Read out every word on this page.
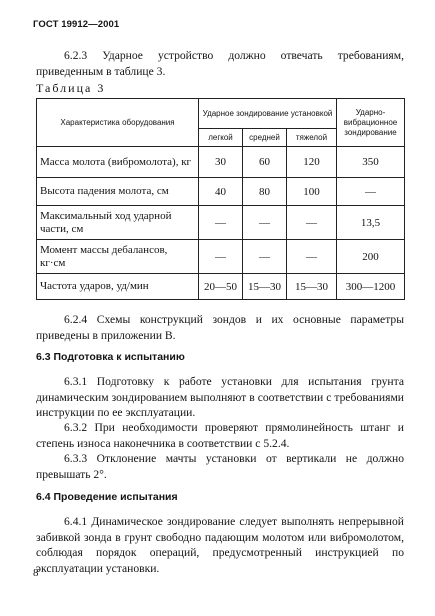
ГОСТ 19912—2001
6.2.3 Ударное устройство должно отвечать требованиям, приведенным в таблице 3.
Таблица 3
Характеристика оборудования	Ударное зондирование установкой			Ударно-вибрационное зондирование
	легкой	средней	тяжелой	
Масса молота (вибромолота), кг	30	60	120	350
Высота падения молота, см	40	80	100	—
Максимальный ход ударной части, см	—	—	—	13,5
Момент массы дебалансов, кг·см	—	—	—	200
Частота ударов, уд/мин	20—50	15—30	15—30	300—1200
6.2.4 Схемы конструкций зондов и их основные параметры приведены в приложении В.
6.3 Подготовка к испытанию
6.3.1 Подготовку к работе установки для испытания грунта динамическим зондированием выполняют в соответствии с требованиями инструкции по ее эксплуатации.
6.3.2 При необходимости проверяют прямолинейность штанг и степень износа наконечника в соответствии с 5.2.4.
6.3.3 Отклонение мачты установки от вертикали не должно превышать 2°.
6.4 Проведение испытания
6.4.1 Динамическое зондирование следует выполнять непрерывной забивкой зонда в грунт свободно падающим молотом или вибромолотом, соблюдая порядок операций, предусмотренный инструкцией по эксплуатации установки.
8
